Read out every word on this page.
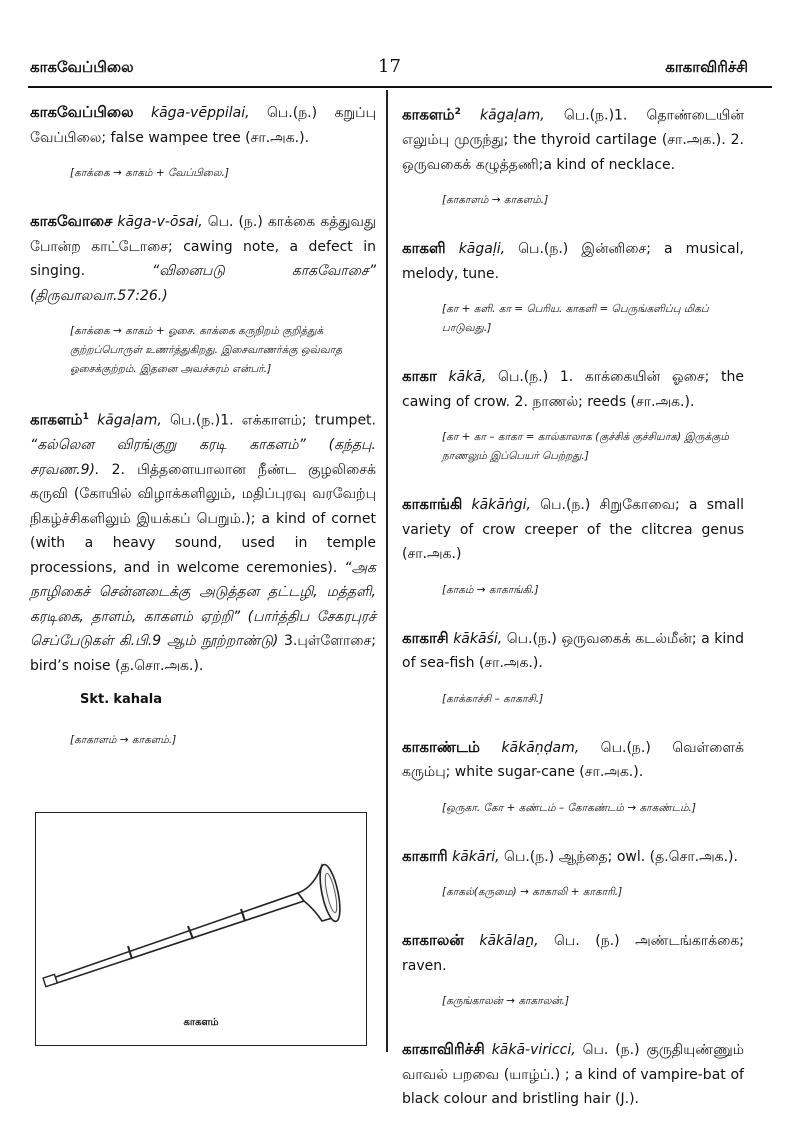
காகவேப்பிலை	17	காகாவிரிச்சி

காகவேப்பிலை kāga-vēppilai, பெ.(ந.) கறுப்பு வேப்பிலை; false wampee tree (சா.அக.).

[காக்கை → காகம் + வேப்பிலை.]

காகவோசை kāga-v-ōsai, பெ. (ந.) காக்கை கத்துவது போன்ற காட்டோசை; cawing note, a defect in singing. “வினைபடு காகவோசை” (திருவாலவா.57:26.)

[காக்கை → காகம் + ஓசை. காக்கை கருநிறம் குறித்துக் குற்றப்பொருள் உணர்த்துகிறது. இசைவாணர்க்கு ஒவ்வாத ஓசைக்குற்றம். இதனை அவச்சுரம் என்பர்.]

காகளம்$^1$ kāgaḷam, பெ.(ந.)1. எக்காளம்; trumpet. “கல்லென விரங்குறு கரடி காகளம்” (கந்தபு. சரவண.9). 2. பித்தளையாலான நீண்ட குழலிசைக் கருவி (கோயில் விழாக்களிலும், மதிப்புரவு வரவேற்பு நிகழ்ச்சிகளிலும் இயக்கப் பெறும்.); a kind of cornet (with a heavy sound, used in temple processions, and in welcome ceremonies). “அக நாழிகைச் சென்னடைக்கு அடுத்தன தட்டழி, மத்தளி, கரடிகை, தாளம், காகளம் ஏற்றி” (பார்த்திப சேகரபுரச் செப்பேடுகள் கி.பி.9 ஆம் நூற்றாண்டு) 3.புள்ளோசை; bird’s noise (த.சொ.அக.).

Skt. kahala
[காகாளம் → காகளம்.]
காகளம்

காகளம்$^2$ kāgaḷam, பெ.(ந.)1. தொண்டையின் எலும்பு முருந்து; the thyroid cartilage (சா.அக.). 2. ஒருவகைக் கழுத்தணி;a kind of necklace.

[காகாளம் → காகளம்.]

காகளி kāgaḷi, பெ.(ந.) இன்னிசை; a musical, melody, tune.

[கா + களி. கா = பெரிய. காகளி = பெருங்களிப்பு மிகப் பாடுவது.]

காகா kākā, பெ.(ந.) 1. காக்கையின் ஓசை; the cawing of crow. 2. நாணல்; reeds (சா.அக.).

[கா + கா – காகா = கால்காலாக (குச்சிக் குச்சியாக) இருக்கும் நாணலும் இப்பெயர் பெற்றது.]

காகாங்கி kākāṅgi, பெ.(ந.) சிறுகோவை; a small variety of crow creeper of the clitcrea genus (சா.அக.)

[காகம் → காகாங்கி.]

காகாசி kākāśi, பெ.(ந.) ஒருவகைக் கடல்மீன்; a kind of sea-fish (சா.அக.).

[காக்காச்சி – காகாசி.]

காகாண்டம் kākāṇḍam, பெ.(ந.) வெள்ளைக் கரும்பு; white sugar-cane (சா.அக.).

[ஒருகா. கோ + கண்டம் – கோகண்டம் → காகண்டம்.]

காகாரி kākāri, பெ.(ந.) ஆந்தை; owl. (த.சொ.அக.).

[காகல்(கருமை) → காகாலி + காகாரி.]

காகாலன் kākālaṉ, பெ. (ந.) அண்டங்காக்கை; raven.

[கருங்காலன் → காகாலன்.]

காகாவிரிச்சி kākā-viriccі, பெ. (ந.) குருதியுண்ணும் வாவல் பறவை (யாழ்ப்.) ; a kind of vampire-bat of black colour and bristling hair (J.).
